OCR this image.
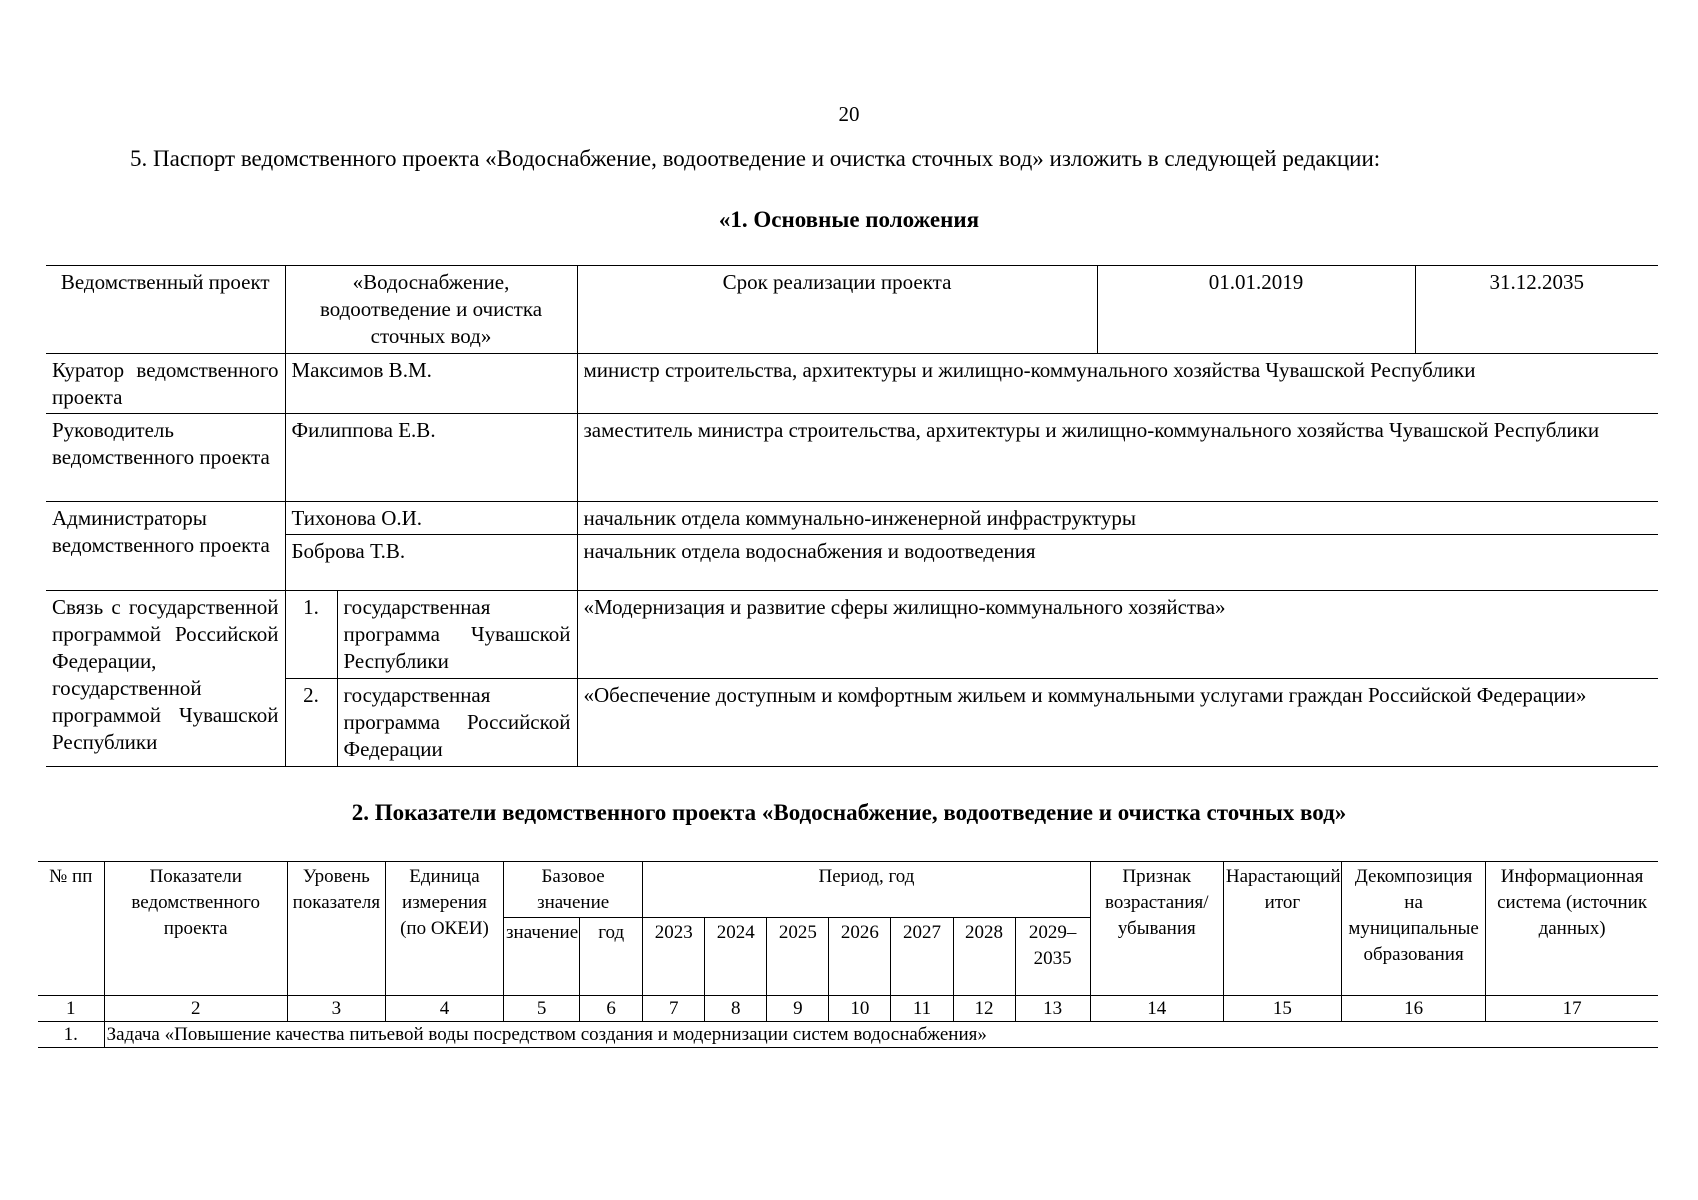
20
5. Паспорт ведомственного проекта «Водоснабжение, водоотведение и очистка сточных вод» изложить в следующей редакции:
«1. Основные положения
Ведомственный проект	«Водоснабжение, водоотведение и очистка сточных вод»		Срок реализации проекта	01.01.2019	31.12.2035
Куратор ведомственного проекта	Максимов В.М.		министр строительства, архитектуры и жилищно-коммунального хозяйства Чувашской Республики		
Руководитель ведомственного проекта	Филиппова Е.В.		заместитель министра строительства, архитектуры и жилищно-коммунального хозяйства Чувашской Республики		
Администраторы ведомственного проекта	Тихонова О.И.		начальник отдела коммунально-инженерной инфраструктуры		
	Боброва Т.В.		начальник отдела водоснабжения и водоотведения		
Связь с государственной программой Российской Федерации, государственной программой Чувашской Республики	1.	государственная программа Чувашской Республики	«Модернизация и развитие сферы жилищно-коммунального хозяйства»		
	2.	государственная программа Российской Федерации	«Обеспечение доступным и комфортным жильем и коммунальными услугами граждан Российской Федерации»		
2. Показатели ведомственного проекта «Водоснабжение, водоотведение и очистка сточных вод»
№ пп	Показатели ведомственного проекта	Уровень показателя	Единица измерения (по ОКЕИ)	Базовое значение		Период, год							Признак возрастания/убывания	Нарастающий итог	Декомпозиция на муниципальные образования	Информационная система (источник данных)
				значение	год	2023	2024	2025	2026	2027	2028	2029–2035				
1	2	3	4	5	6	7	8	9	10	11	12	13	14	15	16	17
1.	Задача «Повышение качества питьевой воды посредством создания и модернизации систем водоснабжения»															
